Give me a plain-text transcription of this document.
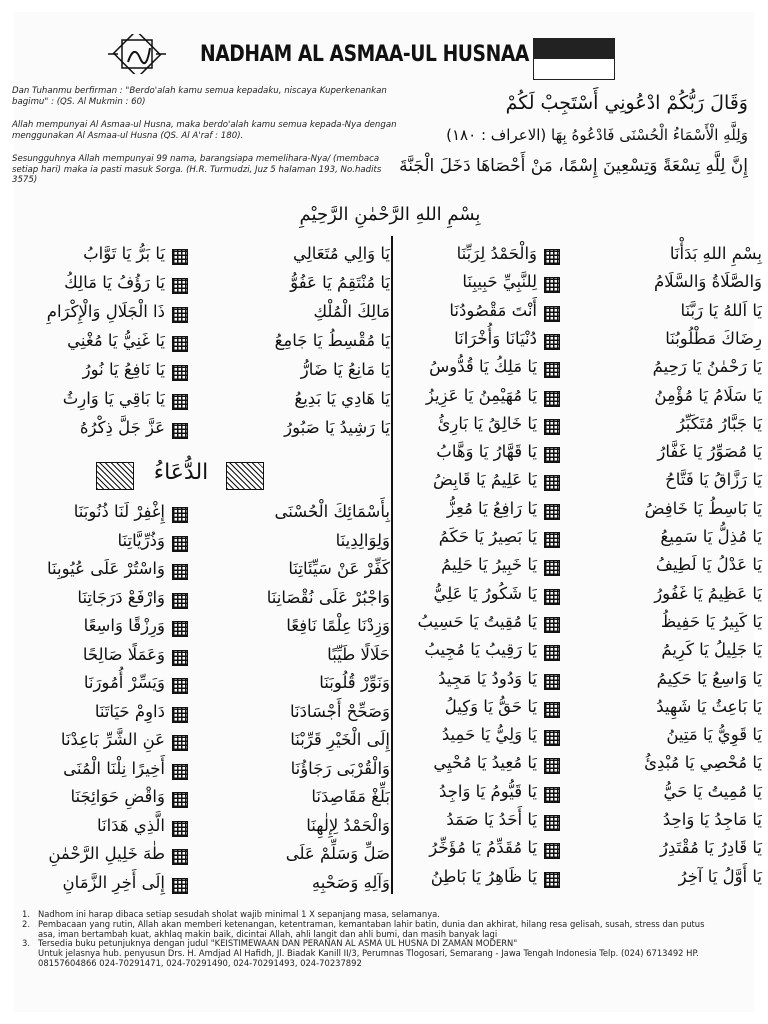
NADHAM AL ASMAA-UL HUSNAA
Dan Tuhanmu berfirman : "Berdo'alah kamu semua kepadaku, niscaya Kuperkenankan bagimu" : (QS. Al Mukmin : 60)
Allah mempunyai Al Asmaa-ul Husna, maka berdo'alah kamu semua kepada-Nya dengan menggunakan Al Asmaa-ul Husna (QS. Al A'raf : 180).
Sesungguhnya Allah mempunyai 99 nama, barangsiapa memelihara-Nya/ (membaca setiap hari) maka ia pasti masuk Sorga. (H.R. Turmudzi, Juz 5 halaman 193, No.hadits 3575)
وَقَالَ رَبُّكُمْ ادْعُونِي أَسْتَجِبْ لَكُمْ
وَلِلَّهِ الْأَسْمَاءُ الْحُسْنَى فَادْعُوهُ بِهَا (الاعراف : ١٨٠)
إِنَّ لِلَّهِ تِسْعَةً وَتِسْعِينَ إِسْمًا، مَنْ أَحْصَاهَا دَخَلَ الْجَنَّةَ
بِسْمِ اللهِ الرَّحْمٰنِ الرَّحِيْمِ
الدُّعَاءُ
بِسْمِ اللهِ بَدَأْنَا
وَالْحَمْدُ لِرَبِّنَا
وَالصَّلَاةُ وَالسَّلَامُ
لِلنَّبِيِّ حَبِيبِنَا
يَا اَللهُ يَا رَبَّنَا
أَنْتَ مَقْصُودُنَا
رِضَاكَ مَطْلُوبُنَا
دُنْيَانَا وَأُخْرَانَا
يَا رَحْمٰنُ يَا رَحِيمُ
يَا مَلِكُ يَا قُدُّوسُ
يَا سَلَامُ يَا مُؤْمِنُ
يَا مُهَيْمِنُ يَا عَزِيزُ
يَا جَبَّارُ مُتَكَبِّرُ
يَا خَالِقُ يَا بَارِئُ
يَا مُصَوِّرُ يَا غَفَّارُ
يَا قَهَّارُ يَا وَهَّابُ
يَا رَزَّاقُ يَا فَتَّاحُ
يَا عَلِيمُ يَا قَابِضُ
يَا بَاسِطُ يَا خَافِضُ
يَا رَافِعُ يَا مُعِزُّ
يَا مُذِلُّ يَا سَمِيعُ
يَا بَصِيرُ يَا حَكَمُ
يَا عَدْلُ يَا لَطِيفُ
يَا خَبِيرُ يَا حَلِيمُ
يَا عَظِيمُ يَا غَفُورُ
يَا شَكُورُ يَا عَلِيُّ
يَا كَبِيرُ يَا حَفِيظُ
يَا مُقِيتُ يَا حَسِيبُ
يَا جَلِيلُ يَا كَرِيمُ
يَا رَقِيبُ يَا مُجِيبُ
يَا وَاسِعُ يَا حَكِيمُ
يَا وَدُودُ يَا مَجِيدُ
يَا بَاعِثُ يَا شَهِيدُ
يَا حَقُّ يَا وَكِيلُ
يَا قَوِيُّ يَا مَتِينُ
يَا وَلِيُّ يَا حَمِيدُ
يَا مُحْصِي يَا مُبْدِئُ
يَا مُعِيدُ يَا مُحْيِي
يَا مُمِيتُ يَا حَيُّ
يَا قَيُّومُ يَا وَاجِدُ
يَا مَاجِدُ يَا وَاحِدُ
يَا أَحَدُ يَا صَمَدُ
يَا قَادِرُ يَا مُقْتَدِرُ
يَا مُقَدِّمُ يَا مُؤَخِّرُ
يَا أَوَّلُ يَا آخِرُ
يَا ظَاهِرُ يَا بَاطِنُ
يَا وَالِي مُتَعَالِي
يَا بَرُّ يَا تَوَّابُ
يَا مُنْتَقِمُ يَا عَفُوُّ
يَا رَؤُفُ يَا مَالِكُ
مَالِكَ الْمُلْكِ
ذَا الْجَلَالِ وَالْإِكْرَامِ
يَا مُقْسِطُ يَا جَامِعُ
يَا غَنِيُّ يَا مُغْنِي
يَا مَانِعُ يَا ضَارُّ
يَا نَافِعُ يَا نُورُ
يَا هَادِي يَا بَدِيعُ
يَا بَاقِي يَا وَارِثُ
يَا رَشِيدُ يَا صَبُورُ
عَزَّ جَلَّ ذِكْرُهُ
بِأَسْمَائِكَ الْحُسْنَى
إِغْفِرْ لَنَا ذُنُوبَنَا
وَلِوَالِدِينَا
وَذُرِّيَّاتِنَا
كَفِّرْ عَنْ سَيِّئَاتِنَا
وَاسْتُرْ عَلَى عُيُوبِنَا
وَاجْبُرْ عَلَى نُقْصَانِنَا
وَارْفَعْ دَرَجَاتِنَا
وَزِدْنَا عِلْمًا نَافِعًا
وَرِزْقًا وَاسِعًا
حَلَالًا طَيِّبًا
وَعَمَلًا صَالِحًا
وَنَوِّرْ قُلُوبَنَا
وَيَسِّرْ أُمُورَنَا
وَصَحِّحْ أَجْسَادَنَا
دَاوِمْ حَيَاتَنَا
إِلَى الْخَيْرِ قَرِّبْنَا
عَنِ الشَّرِّ بَاعِدْنَا
وَالْقُرْبَى رَجَاؤُنَا
أَخِيرًا نِلْنَا الْمُنَى
بَلِّغْ مَقَاصِدَنَا
وَاقْضِ حَوَائِجَنَا
وَالْحَمْدُ لِإِلٰهِنَا
الَّذِي هَدَانَا
صَلِّ وَسَلِّمْ عَلَى
طٰهَ خَلِيلِ الرَّحْمٰنِ
وَآلِهِ وَصَحْبِهِ
إِلَى أَخِرِ الزَّمَانِ
1. Nadhom ini harap dibaca setiap sesudah sholat wajib minimal 1 X sepanjang masa, selamanya.
2. Pembacaan yang rutin, Allah akan memberi ketenangan, ketentraman, kemantaban lahir batin, dunia dan akhirat, hilang resa gelisah, susah, stress dan putus asa, iman bertambah kuat, akhlaq makin baik, dicintai Allah, ahli langit dan ahli bumi, dan masih banyak lagi
3. Tersedia buku petunjuknya dengan judul "KEISTIMEWAAN DAN PERANAN AL ASMA UL HUSNA DI ZAMAN MODERN"
Untuk jelasnya hub. penyusun Drs. H. Amdjad Al Hafidh, Jl. Biadak Kanill II/3, Perumnas Tlogosari, Semarang - Jawa Tengah Indonesia Telp. (024) 6713492 HP. 08157604866 024-70291471, 024-70291490, 024-70291493, 024-70237892
